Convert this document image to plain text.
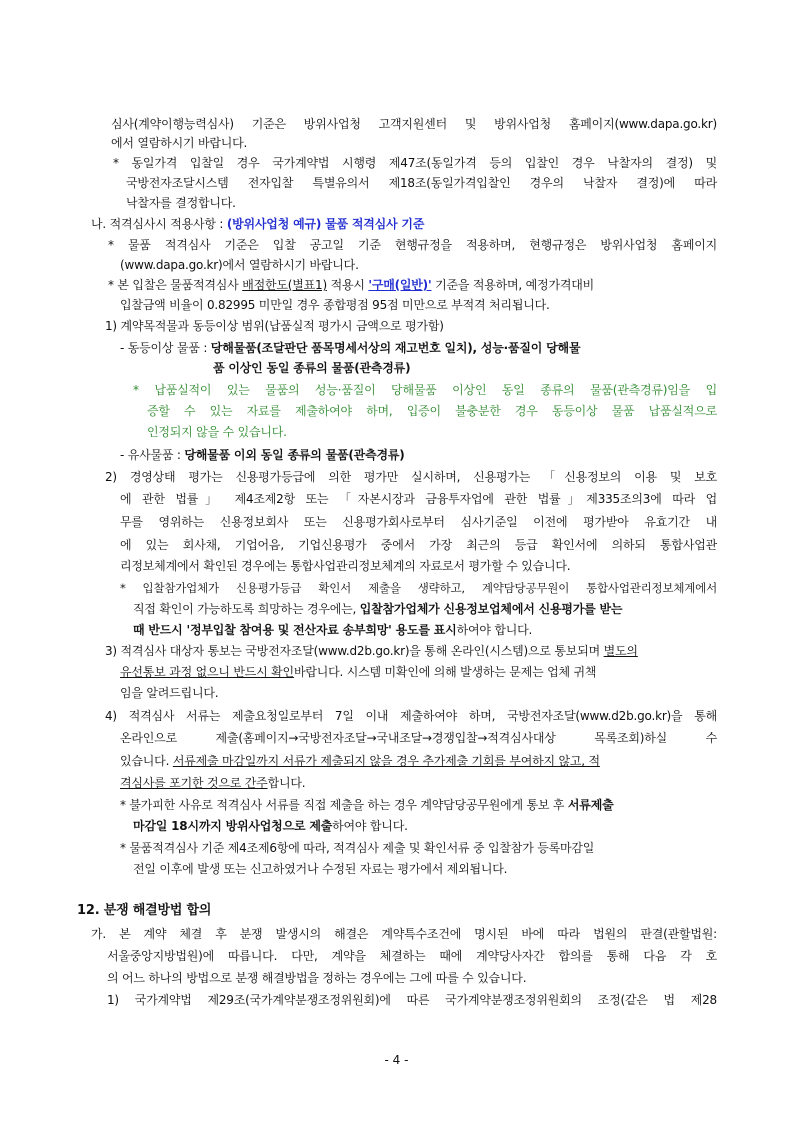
심사(계약이행능력심사) 기준은 방위사업청 고객지원센터 및 방위사업청 홈페이지(www.dapa.go.kr)
에서 열람하시기 바랍니다.
* 동일가격 입찰일 경우 국가계약법 시행령 제47조(동일가격 등의 입찰인 경우 낙찰자의 결정) 및
국방전자조달시스템 전자입찰 특별유의서 제18조(동일가격입찰인 경우의 낙찰자 결정)에 따라
낙찰자를 결정합니다.
나. 적격심사시 적용사항 : (방위사업청 예규) 물품 적격심사 기준
* 물품 적격심사 기준은 입찰 공고일 기준 현행규정을 적용하며, 현행규정은 방위사업청 홈페이지
(www.dapa.go.kr)에서 열람하시기 바랍니다.
* 본 입찰은 물품적격심사 배점한도(별표1) 적용시 '구매(일반)' 기준을 적용하며, 예정가격대비
입찰금액 비율이 0.82995 미만일 경우 종합평점 95점 미만으로 부적격 처리됩니다.
1) 계약목적물과 동등이상 범위(납품실적 평가시 금액으로 평가함)
- 동등이상 물품 : 당해물품(조달판단 품목명세서상의 재고번호 일치), 성능·품질이 당해물
품 이상인 동일 종류의 물품(관측경류)
* 납품실적이 있는 물품의 성능·품질이 당해물품 이상인 동일 종류의 물품(관측경류)임을 입
증할 수 있는 자료를 제출하여야 하며, 입증이 불충분한 경우 동등이상 물품 납품실적으로
인정되지 않을 수 있습니다.
- 유사물품 : 당해물품 이외 동일 종류의 물품(관측경류)
2) 경영상태 평가는 신용평가등급에 의한 평가만 실시하며, 신용평가는 「신용정보의 이용 및 보호
에 관한 법률」 제4조제2항 또는 「자본시장과 금융투자업에 관한 법률」제335조의3에 따라 업
무를 영위하는 신용정보회사 또는 신용평가회사로부터 심사기준일 이전에 평가받아 유효기간 내
에 있는 회사채, 기업어음, 기업신용평가 중에서 가장 최근의 등급 확인서에 의하되 통합사업관
리정보체계에서 확인된 경우에는 통합사업관리정보체계의 자료로서 평가할 수 있습니다.
* 입찰참가업체가 신용평가등급 확인서 제출을 생략하고, 계약담당공무원이 통합사업관리정보체계에서
직접 확인이 가능하도록 희망하는 경우에는, 입찰참가업체가 신용정보업체에서 신용평가를 받는
때 반드시 '정부입찰 참여용 및 전산자료 송부희망' 용도를 표시하여야 합니다.
3) 적격심사 대상자 통보는 국방전자조달(www.d2b.go.kr)을 통해 온라인(시스템)으로 통보되며 별도의
유선통보 과정 없으니 반드시 확인바랍니다. 시스템 미확인에 의해 발생하는 문제는 업체 귀책
임을 알려드립니다.
4) 적격심사 서류는 제출요청일로부터 7일 이내 제출하여야 하며, 국방전자조달(www.d2b.go.kr)을 통해
온라인으로 제출(홈페이지→국방전자조달→국내조달→경쟁입찰→적격심사대상 목록조회)하실 수
있습니다. 서류제출 마감일까지 서류가 제출되지 않을 경우 추가제출 기회를 부여하지 않고, 적
격심사를 포기한 것으로 간주합니다.
* 불가피한 사유로 적격심사 서류를 직접 제출을 하는 경우 계약담당공무원에게 통보 후 서류제출
마감일 18시까지 방위사업청으로 제출하여야 합니다.
* 물품적격심사 기준 제4조제6항에 따라, 적격심사 제출 및 확인서류 중 입찰참가 등록마감일
전일 이후에 발생 또는 신고하였거나 수정된 자료는 평가에서 제외됩니다.
12. 분쟁 해결방법 합의
가. 본 계약 체결 후 분쟁 발생시의 해결은 계약특수조건에 명시된 바에 따라 법원의 판결(관할법원:
서울중앙지방법원)에 따릅니다. 다만, 계약을 체결하는 때에 계약당사자간 합의를 통해 다음 각 호
의 어느 하나의 방법으로 분쟁 해결방법을 정하는 경우에는 그에 따를 수 있습니다.
1) 국가계약법 제29조(국가계약분쟁조정위원회)에 따른 국가계약분쟁조정위원회의 조정(같은 법 제28
- 4 -
